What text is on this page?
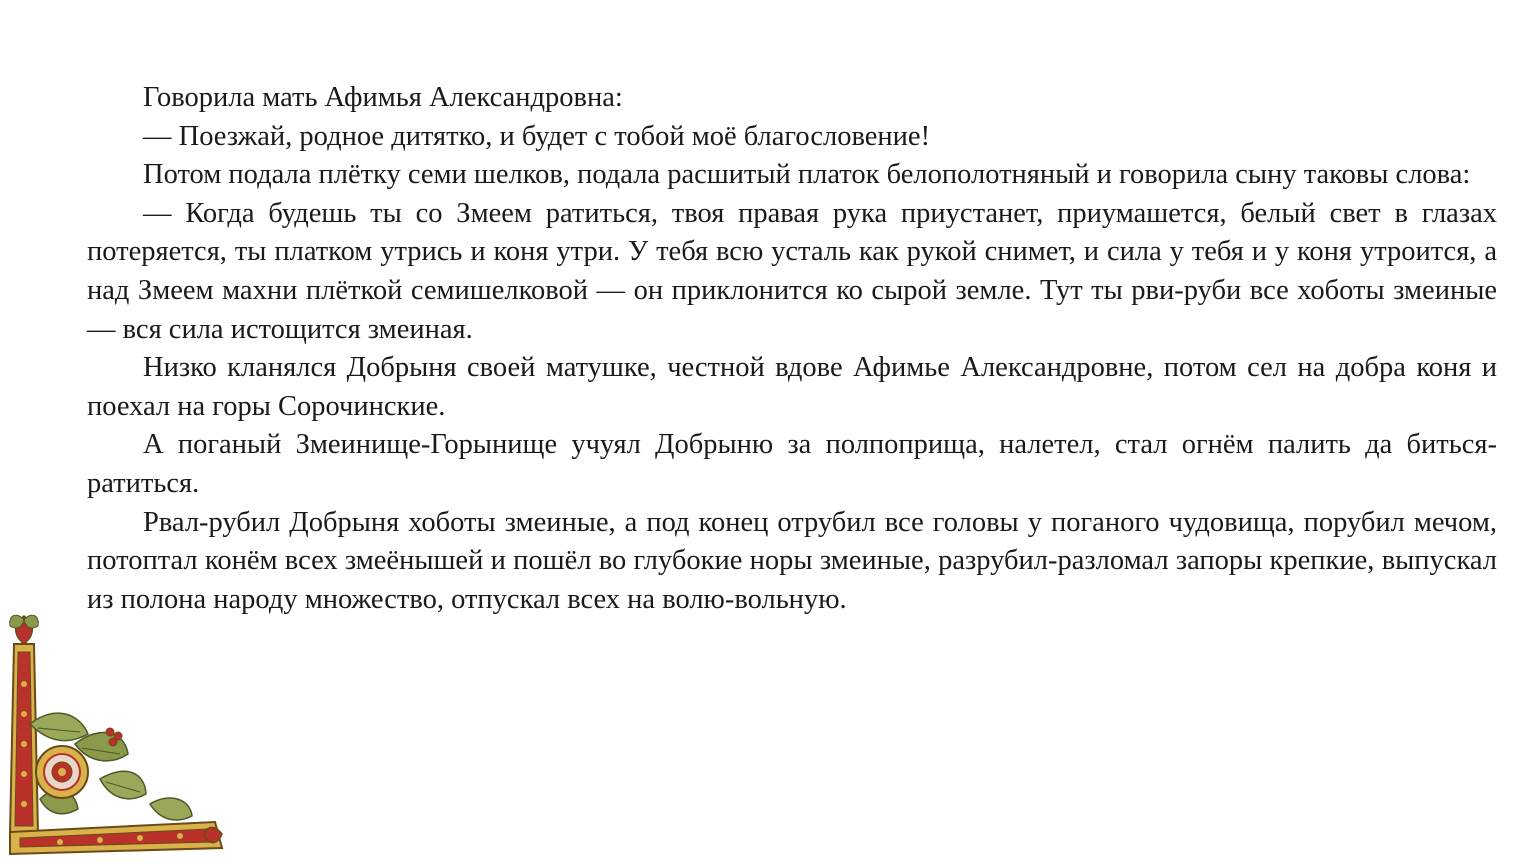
Говорила мать Афимья Александровна:

— Поезжай, родное дитятко, и будет с тобой моё благословение!

Потом подала плётку семи шелков, подала расшитый платок белополотняный и говорила сыну таковы слова:

— Когда будешь ты со Змеем ратиться, твоя правая рука приустанет, приумашется, белый свет в глазах потеряется, ты платком утрись и коня утри. У тебя всю усталь как рукой снимет, и сила у тебя и у коня утроится, а над Змеем махни плёткой семишелковой — он приклонится ко сырой земле. Тут ты рви-руби все хоботы змеиные — вся сила истощится змеиная.

Низко кланялся Добрыня своей матушке, честной вдове Афимье Александровне, потом сел на добра коня и поехал на горы Сорочинские.

А поганый Змеинище-Горынище учуял Добрыню за полпоприща, налетел, стал огнём палить да биться-ратиться.

Рвал-рубил Добрыня хоботы змеиные, а под конец отрубил все головы у поганого чудовища, порубил мечом, потоптал конём всех змеёнышей и пошёл во глубокие норы змеиные, разрубил-разломал запоры крепкие, выпускал из полона народу множество, отпускал всех на волю-вольную.
